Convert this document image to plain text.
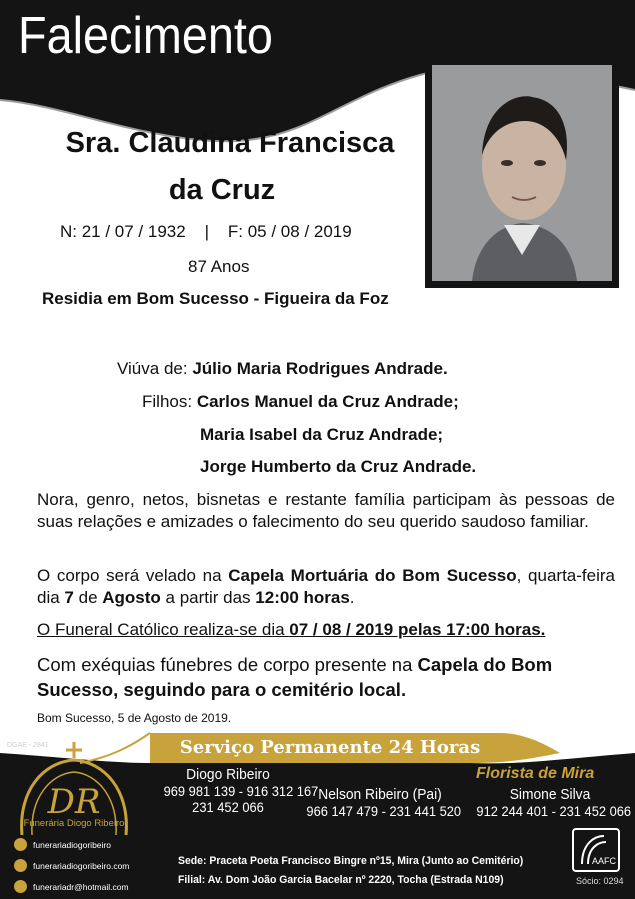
Falecimento
Sra. Claudina Francisca
da Cruz
N: 21 / 07 / 1932    |    F: 05 / 08 / 2019
87 Anos
Residia em Bom Sucesso - Figueira da Foz
Viúva de: Júlio Maria Rodrigues Andrade.
Filhos: Carlos Manuel da Cruz Andrade;
Maria Isabel da Cruz Andrade;
Jorge Humberto da Cruz Andrade.
Nora, genro, netos, bisnetas e restante família participam às pessoas de suas relações e amizades o falecimento do seu querido saudoso familiar.
O corpo será velado na Capela Mortuária do Bom Sucesso, quarta-feira dia 7 de Agosto a partir das 12:00 horas.
O Funeral Católico realiza-se dia 07 / 08 / 2019 pelas 17:00 horas.
Com exéquias fúnebres de corpo presente na Capela do Bom Sucesso, seguindo para o cemitério local.
Bom Sucesso, 5 de Agosto de 2019.
DGAE - 2841	Serviço Permanente 24 Horas
DR
Funerária Diogo Ribeiro
Diogo Ribeiro
969 981 139 - 916 312 167
231 452 066
Nelson Ribeiro (Pai)
966 147 479 - 231 441 520
Florista de Mira
Simone Silva
912 244 401 - 231 452 066
funerariadiogoribeiro
funerariadiogoribeiro.com
funerariadr@hotmail.com
Sede: Praceta Poeta Francisco Bingre nº15, Mira (Junto ao Cemitério)
Filial: Av. Dom João Garcia Bacelar nº 2220, Tocha (Estrada N109)
AAFC
Sócio: 0294
